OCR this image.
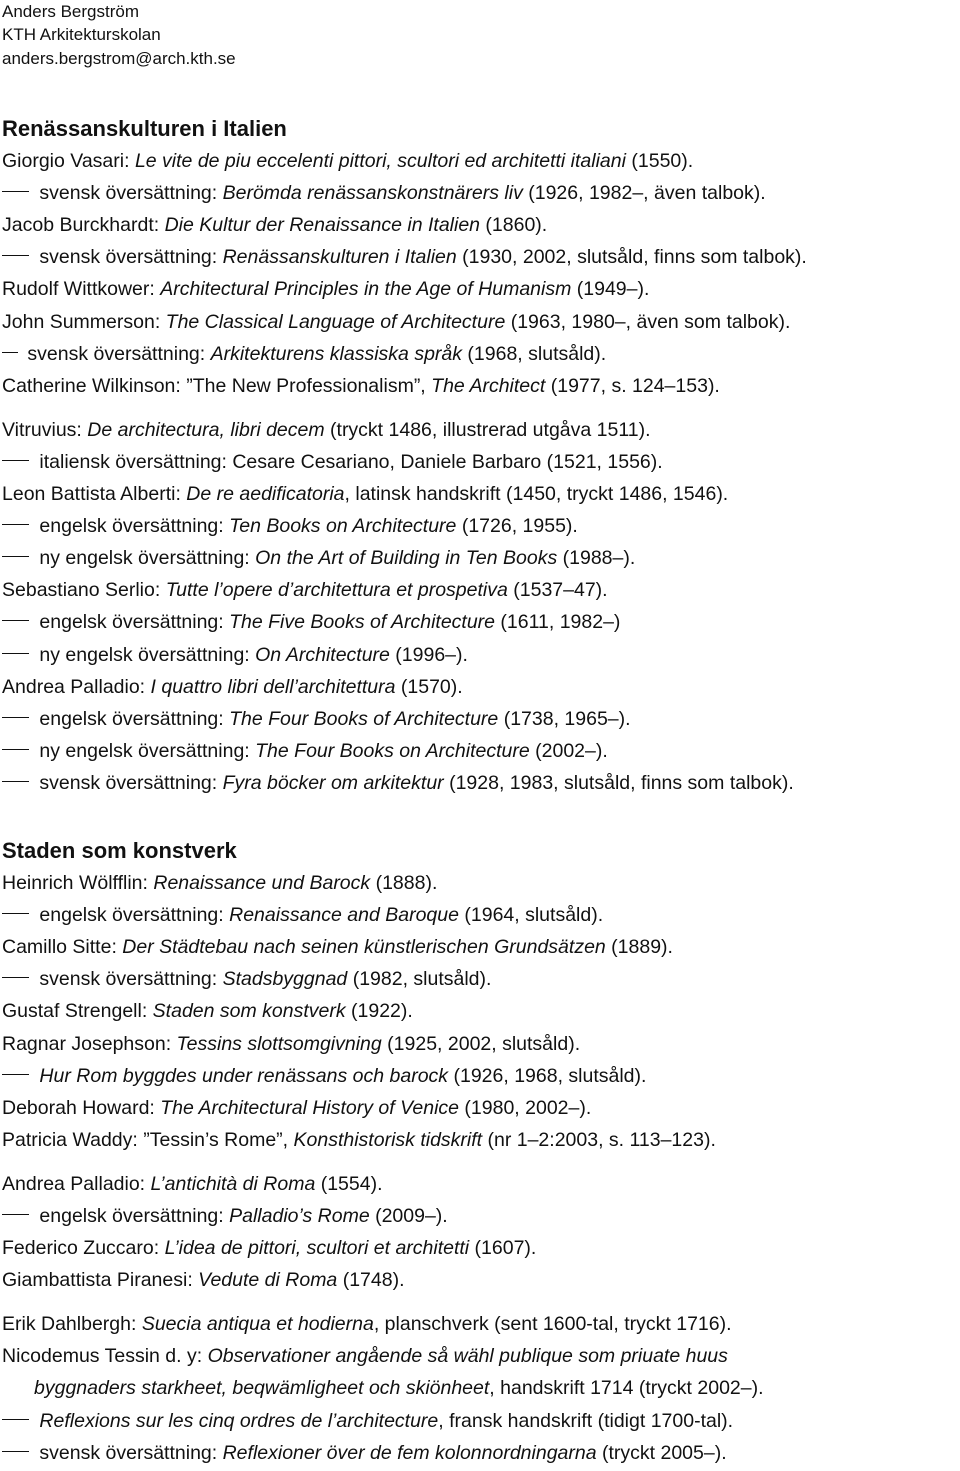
Anders Bergström
KTH Arkitekturskolan
anders.bergstrom@arch.kth.se
Renässanskulturen i Italien
Giorgio Vasari: Le vite de piu eccelenti pittori, scultori ed architetti italiani (1550).
svensk översättning: Berömda renässanskonstnärers liv (1926, 1982–, även talbok).
Jacob Burckhardt: Die Kultur der Renaissance in Italien (1860).
svensk översättning: Renässanskulturen i Italien (1930, 2002, slutsåld, finns som talbok).
Rudolf Wittkower: Architectural Principles in the Age of Humanism (1949–).
John Summerson: The Classical Language of Architecture (1963, 1980–, även som talbok).
svensk översättning: Arkitekturens klassiska språk (1968, slutsåld).
Catherine Wilkinson: ”The New Professionalism”, The Architect (1977, s. 124–153).
Vitruvius: De architectura, libri decem (tryckt 1486, illustrerad utgåva 1511).
italiensk översättning: Cesare Cesariano, Daniele Barbaro (1521, 1556).
Leon Battista Alberti: De re aedificatoria, latinsk handskrift (1450, tryckt 1486, 1546).
engelsk översättning: Ten Books on Architecture (1726, 1955).
ny engelsk översättning: On the Art of Building in Ten Books (1988–).
Sebastiano Serlio: Tutte l’opere d’architettura et prospetiva (1537–47).
engelsk översättning: The Five Books of Architecture (1611, 1982–)
ny engelsk översättning: On Architecture (1996–).
Andrea Palladio: I quattro libri dell’architettura (1570).
engelsk översättning: The Four Books of Architecture (1738, 1965–).
ny engelsk översättning: The Four Books on Architecture (2002–).
svensk översättning: Fyra böcker om arkitektur (1928, 1983, slutsåld, finns som talbok).
Staden som konstverk
Heinrich Wölfflin: Renaissance und Barock (1888).
engelsk översättning: Renaissance and Baroque (1964, slutsåld).
Camillo Sitte: Der Städtebau nach seinen künstlerischen Grundsätzen (1889).
svensk översättning: Stadsbyggnad (1982, slutsåld).
Gustaf Strengell: Staden som konstverk (1922).
Ragnar Josephson: Tessins slottsomgivning (1925, 2002, slutsåld).
Hur Rom byggdes under renässans och barock (1926, 1968, slutsåld).
Deborah Howard: The Architectural History of Venice (1980, 2002–).
Patricia Waddy: ”Tessin’s Rome”, Konsthistorisk tidskrift (nr 1–2:2003, s. 113–123).
Andrea Palladio: L’antichità di Roma (1554).
engelsk översättning: Palladio’s Rome (2009–).
Federico Zuccaro: L’idea de pittori, scultori et architetti (1607).
Giambattista Piranesi: Vedute di Roma (1748).
Erik Dahlbergh: Suecia antiqua et hodierna, planschverk (sent 1600-tal, tryckt 1716).
Nicodemus Tessin d. y: Observationer angående så wähl publique som priuate huus
byggnaders starkheet, beqwämligheet och skiönheet, handskrift 1714 (tryckt 2002–).
Reflexions sur les cinq ordres de l’architecture, fransk handskrift (tidigt 1700-tal).
svensk översättning: Reflexioner över de fem kolonnordningarna (tryckt 2005–).
